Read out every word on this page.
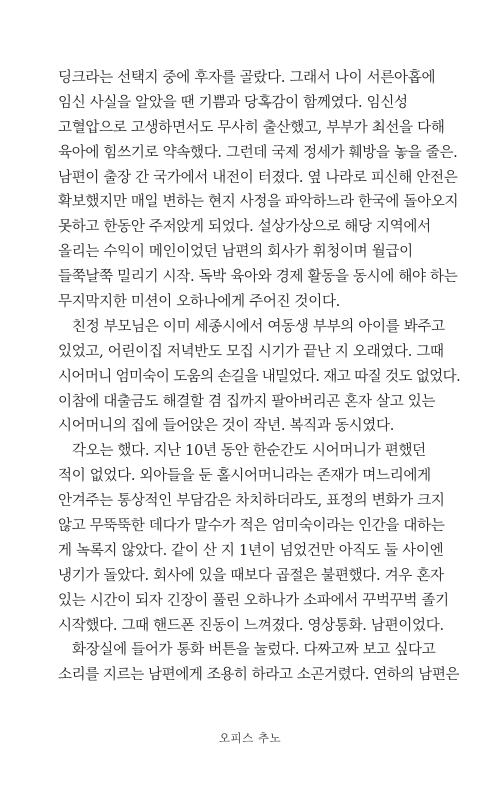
딩크라는 선택지 중에 후자를 골랐다. 그래서 나이 서른아홉에
임신 사실을 알았을 땐 기쁨과 당혹감이 함께였다. 임신성
고혈압으로 고생하면서도 무사히 출산했고, 부부가 최선을 다해
육아에 힘쓰기로 약속했다. 그런데 국제 정세가 훼방을 놓을 줄은.
남편이 출장 간 국가에서 내전이 터졌다. 옆 나라로 피신해 안전은
확보했지만 매일 변하는 현지 사정을 파악하느라 한국에 돌아오지
못하고 한동안 주저앉게 되었다. 설상가상으로 해당 지역에서
올리는 수익이 메인이었던 남편의 회사가 휘청이며 월급이
들쭉날쭉 밀리기 시작. 독박 육아와 경제 활동을 동시에 해야 하는
무지막지한 미션이 오하나에게 주어진 것이다.
친정 부모님은 이미 세종시에서 여동생 부부의 아이를 봐주고
있었고, 어린이집 저녁반도 모집 시기가 끝난 지 오래였다. 그때
시어머니 엄미숙이 도움의 손길을 내밀었다. 재고 따질 것도 없었다.
이참에 대출금도 해결할 겸 집까지 팔아버리곤 혼자 살고 있는
시어머니의 집에 들어앉은 것이 작년. 복직과 동시였다.
각오는 했다. 지난 10년 동안 한순간도 시어머니가 편했던
적이 없었다. 외아들을 둔 홀시어머니라는 존재가 며느리에게
안겨주는 통상적인 부담감은 차치하더라도, 표정의 변화가 크지
않고 무뚝뚝한 데다가 말수가 적은 엄미숙이라는 인간을 대하는
게 녹록지 않았다. 같이 산 지 1년이 넘었건만 아직도 둘 사이엔
냉기가 돌았다. 회사에 있을 때보다 곱절은 불편했다. 겨우 혼자
있는 시간이 되자 긴장이 풀린 오하나가 소파에서 꾸벅꾸벅 졸기
시작했다. 그때 핸드폰 진동이 느껴졌다. 영상통화. 남편이었다.
화장실에 들어가 통화 버튼을 눌렀다. 다짜고짜 보고 싶다고
소리를 지르는 남편에게 조용히 하라고 소곤거렸다. 연하의 남편은
오피스 추노
